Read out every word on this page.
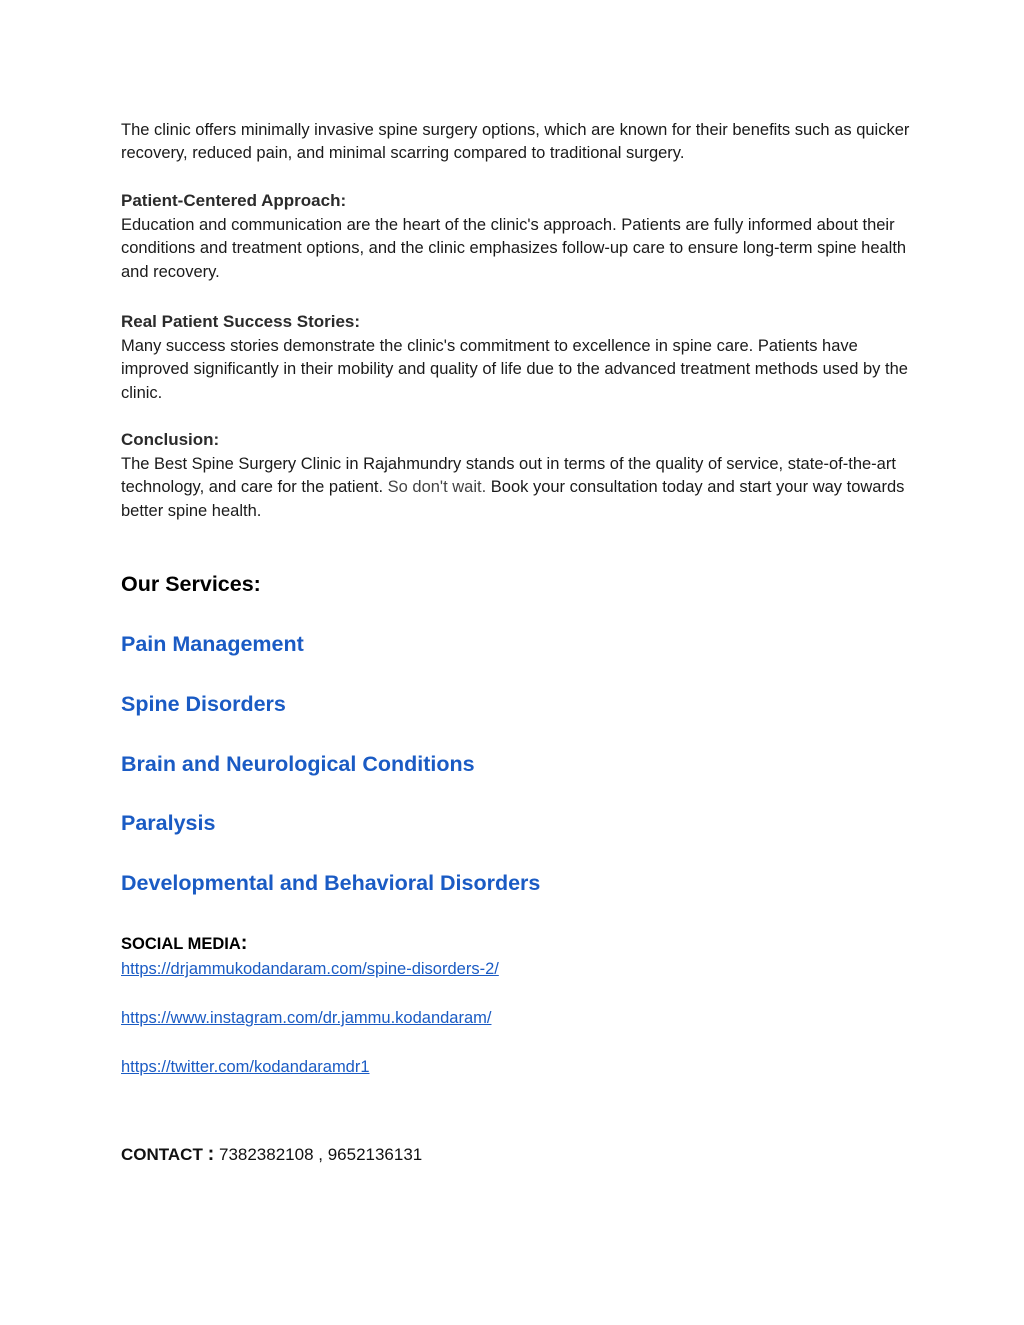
The clinic offers minimally invasive spine surgery options, which are known for their benefits such as quicker recovery, reduced pain, and minimal scarring compared to traditional surgery.

Patient-Centered Approach:

Education and communication are the heart of the clinic's approach. Patients are fully informed about their conditions and treatment options, and the clinic emphasizes follow-up care to ensure long-term spine health and recovery.

Real Patient Success Stories:

Many success stories demonstrate the clinic's commitment to excellence in spine care. Patients have improved significantly in their mobility and quality of life due to the advanced treatment methods used by the clinic.

Conclusion:

The Best Spine Surgery Clinic in Rajahmundry stands out in terms of the quality of service, state-of-the-art technology, and care for the patient. So don't wait. Book your consultation today and start your way towards better spine health.

Our Services:
Pain Management
Spine Disorders
Brain and Neurological Conditions
Paralysis
Developmental and Behavioral Disorders
SOCIAL MEDIA:
https://drjammukodandaram.com/spine-disorders-2/
https://www.instagram.com/dr.jammu.kodandaram/
https://twitter.com/kodandaramdr1
CONTACT : 7382382108 , 9652136131
